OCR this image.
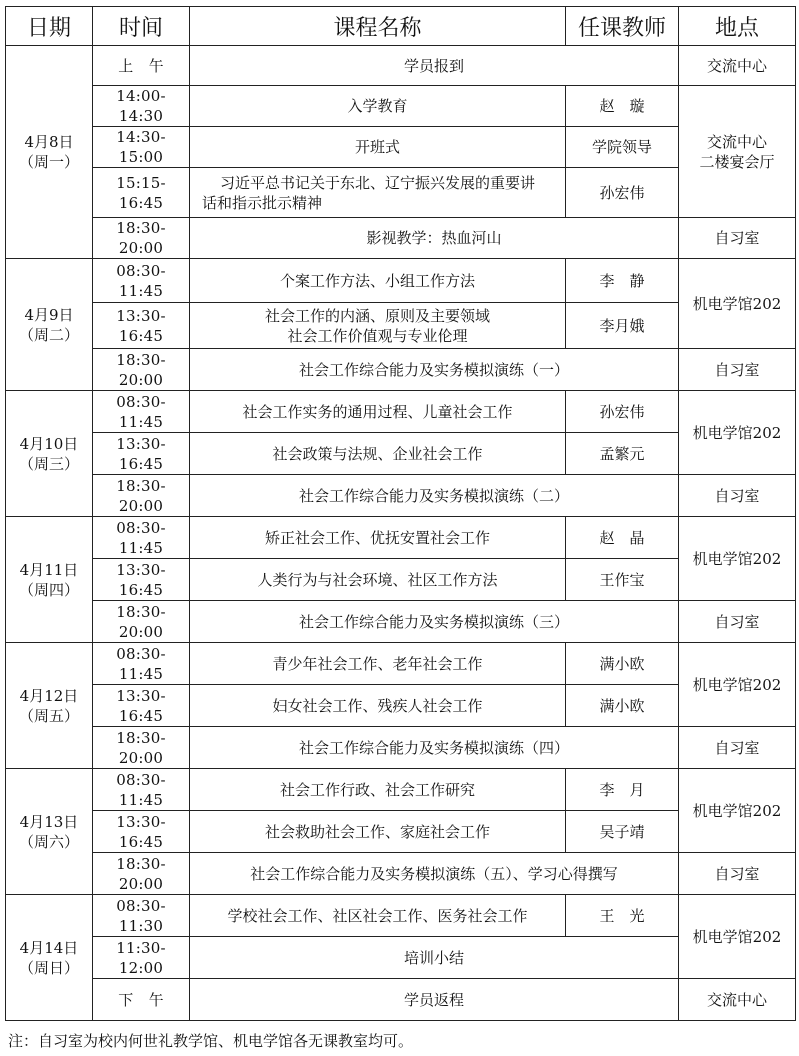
日期	时间	课程名称	任课教师	地点

4月8日
（周一）	上　午	学员报到		交流中心
	14:00-14:30	入学教育	赵　璇	交流中心
二楼宴会厅

	14:30-15:00	开班式	学院领导	
	15:15-16:45	习近平总书记关于东北、辽宁振兴发展的重要讲
话和指示批示精神	孙宏伟	
	18:30-20:00	影视教学：热血河山		自习室

4月9日
（周二）	08:30-11:45	个案工作方法、小组工作方法	李　静	机电学馆202
	13:30-16:45	社会工作的内涵、原则及主要领域
社会工作价值观与专业伦理	李月娥	
	18:30-20:00	社会工作综合能力及实务模拟演练（一）		自习室

4月10日
（周三）	08:30-11:45	社会工作实务的通用过程、儿童社会工作	孙宏伟	机电学馆202
	13:30-16:45	社会政策与法规、企业社会工作	孟繁元	
	18:30-20:00	社会工作综合能力及实务模拟演练（二）		自习室

4月11日
（周四）	08:30-11:45	矫正社会工作、优抚安置社会工作	赵　晶	机电学馆202
	13:30-16:45	人类行为与社会环境、社区工作方法	王作宝	
	18:30-20:00	社会工作综合能力及实务模拟演练（三）		自习室

4月12日
（周五）	08:30-11:45	青少年社会工作、老年社会工作	满小欧	机电学馆202
	13:30-16:45	妇女社会工作、残疾人社会工作	满小欧	
	18:30-20:00	社会工作综合能力及实务模拟演练（四）		自习室

4月13日
（周六）	08:30-11:45	社会工作行政、社会工作研究	李　月	机电学馆202
	13:30-16:45	社会救助社会工作、家庭社会工作	吴子靖	
	18:30-20:00	社会工作综合能力及实务模拟演练（五）、学习心得撰写		自习室

4月14日
（周日）	08:30-11:30	学校社会工作、社区社会工作、医务社会工作	王　光	机电学馆202
	11:30-12:00	培训小结		
	下　午	学员返程		交流中心
注：自习室为校内何世礼教学馆、机电学馆各无课教室均可。
